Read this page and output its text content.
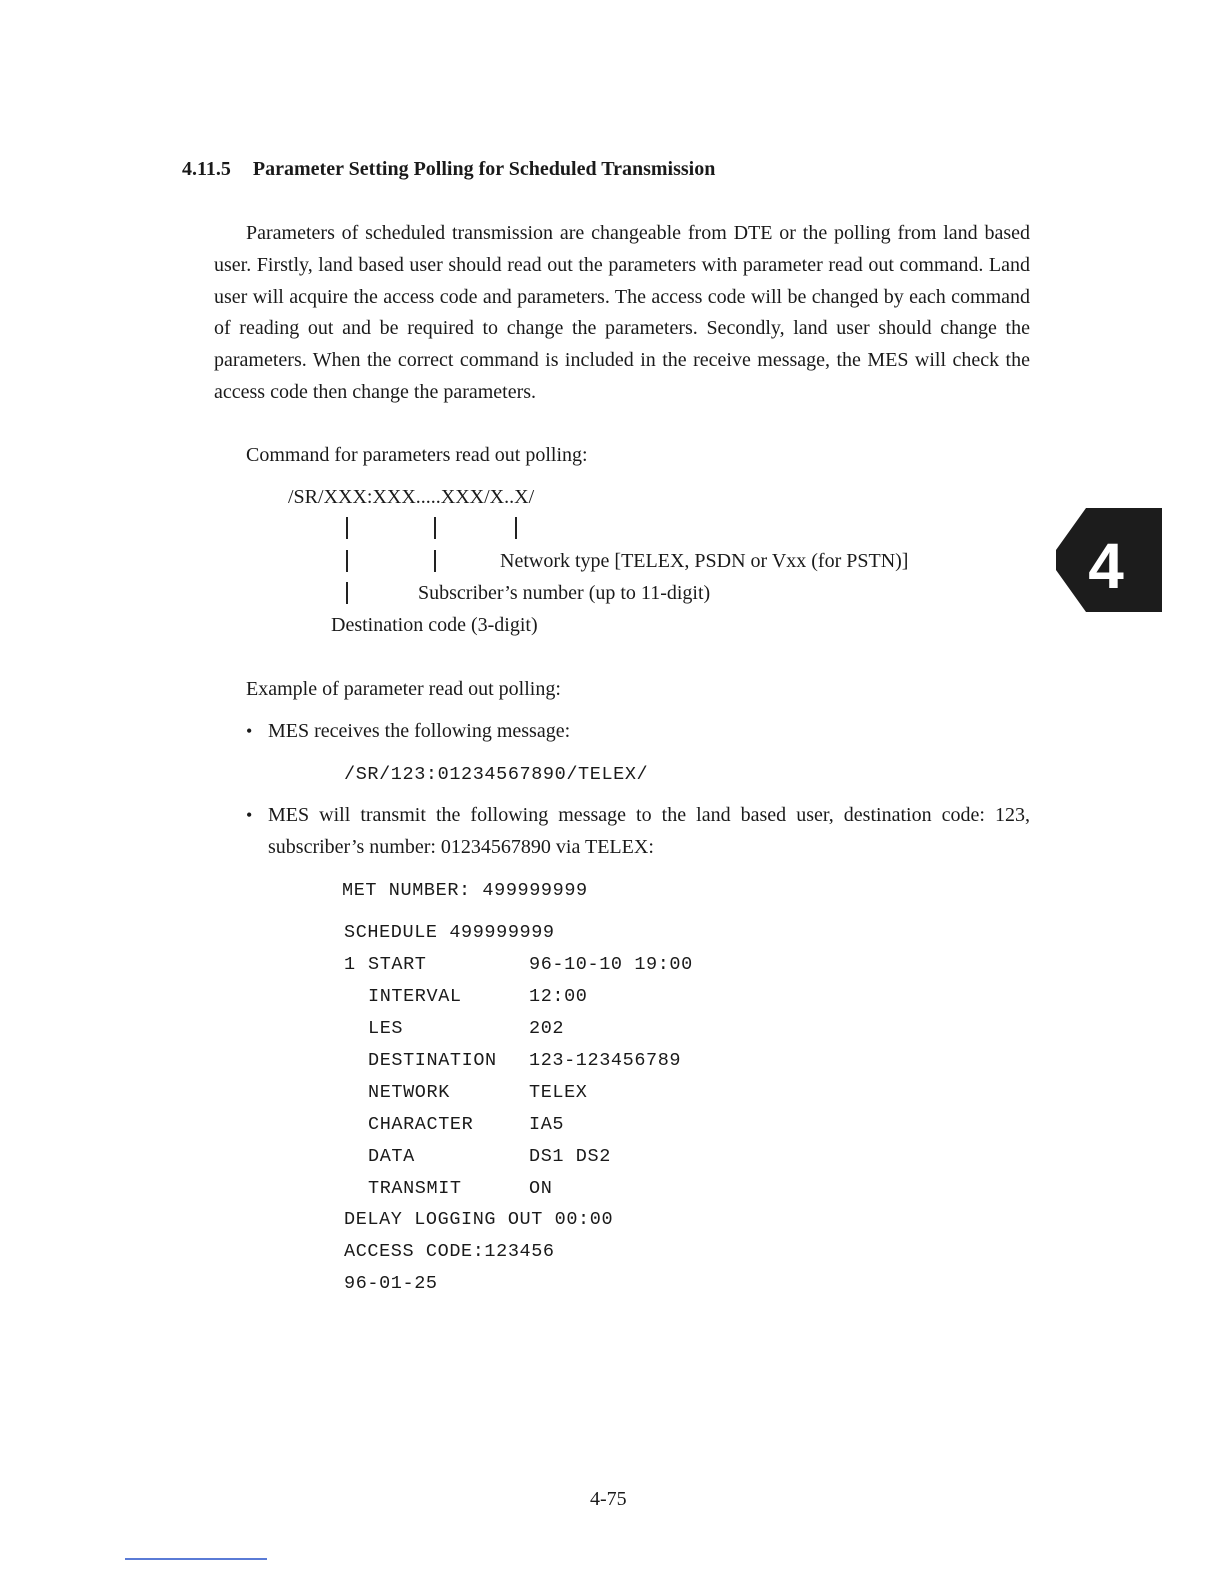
4.11.5 Parameter Setting Polling for Scheduled Transmission
Parameters of scheduled transmission are changeable from DTE or the polling from land based user. Firstly, land based user should read out the parameters with parameter read out command. Land user will acquire the access code and parameters. The access code will be changed by each command of reading out and be required to change the parameters. Secondly, land user should change the parameters. When the correct command is included in the receive message, the MES will check the access code then change the parameters.
Command for parameters read out polling:
/SR/XXX:XXX.....XXX/X..X/
Network type [TELEX, PSDN or Vxx (for PSTN)]
Subscriber’s number (up to 11-digit)
Destination code (3-digit)
Example of parameter read out polling:
• MES receives the following message:
/SR/123:01234567890/TELEX/
• MES will transmit the following message to the land based user, destination code: 123,
subscriber’s number: 01234567890 via TELEX:
MET NUMBER: 499999999
SCHEDULE 499999999
1 START	96-10-10 19:00
INTERVAL	12:00
LES	202
DESTINATION 123-123456789
NETWORK	TELEX
CHARACTER	IA5
DATA	DS1 DS2
TRANSMIT	ON
DELAY LOGGING OUT 00:00
ACCESS CODE:123456
96-01-25
4-75
4
